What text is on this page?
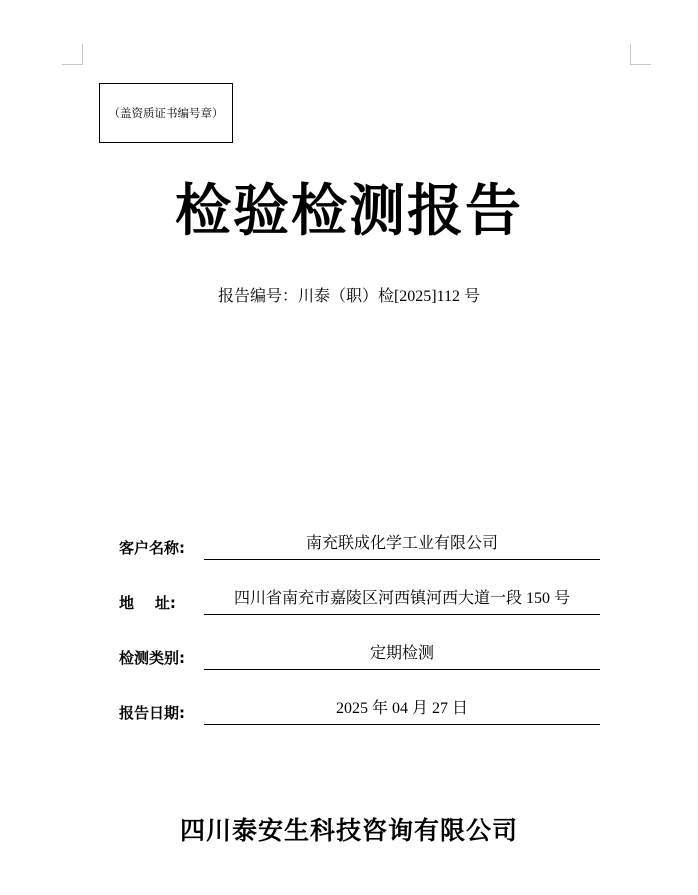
（盖资质证书编号章）
检验检测报告
报告编号：川泰（职）检[2025]112 号
客户名称:	南充联成化学工业有限公司
地    址:	四川省南充市嘉陵区河西镇河西大道一段 150 号
检测类别:	定期检测
报告日期:	2025 年 04 月 27 日
四川泰安生科技咨询有限公司
